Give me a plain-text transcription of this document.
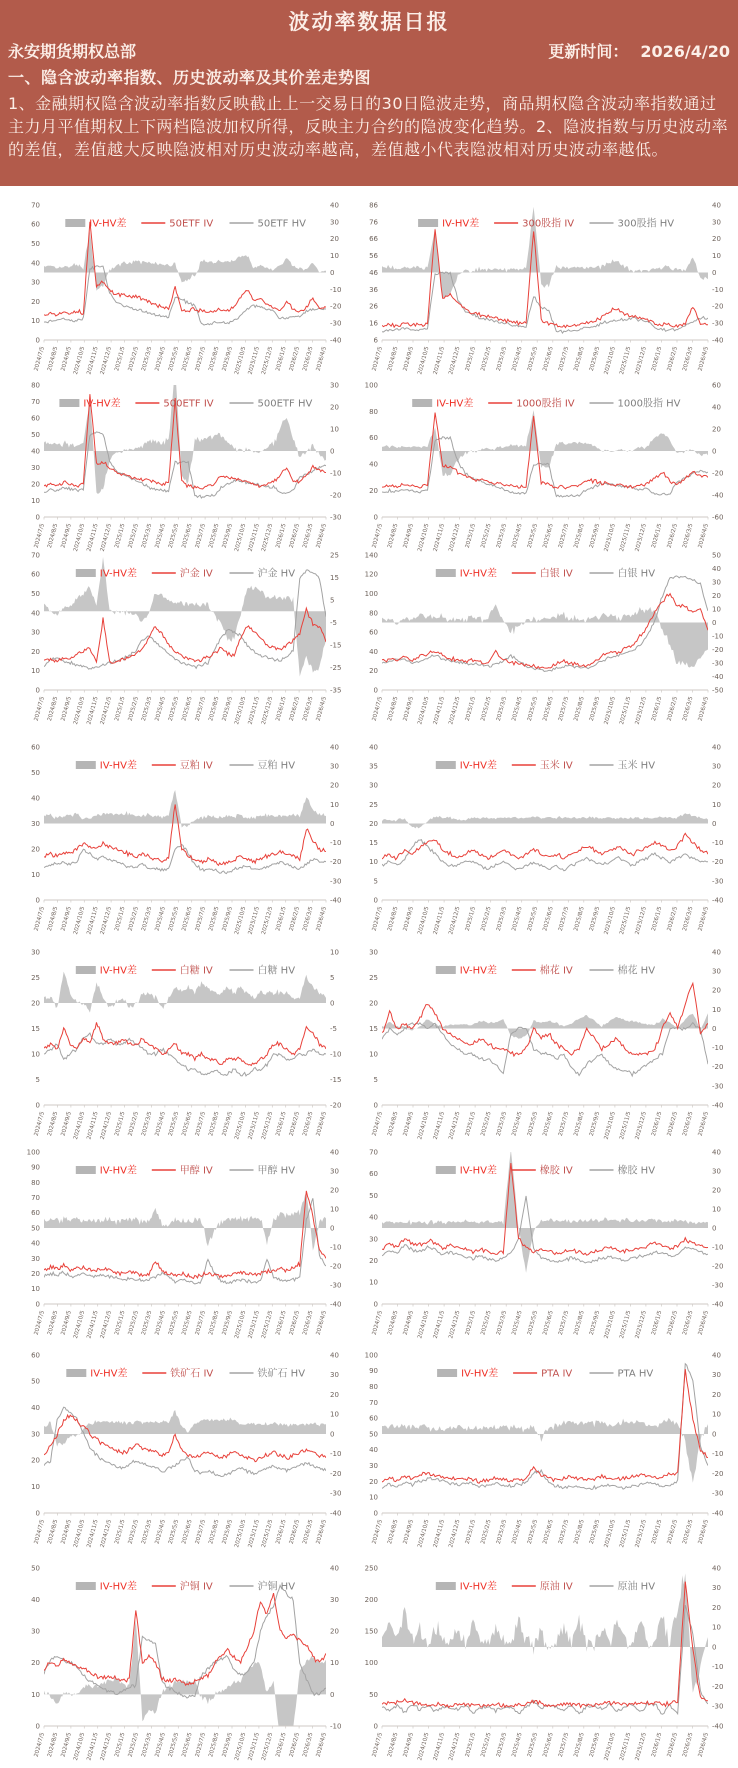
波动率数据日报
永安期货期权总部	更新时间： 2026/4/20
一、隐含波动率指数、历史波动率及其价差走势图
1、金融期权隐含波动率指数反映截止上一交易日的30日隐波走势，商品期权隐含波动率指数通过主力月平值期权上下两档隐波加权所得，反映主力合约的隐波变化趋势。2、隐波指数与历史波动率的差值，差值越大反映隐波相对历史波动率越高，差值越小代表隐波相对历史波动率越低。
70
60
50
40
30
20
10
0
40
30
20
10
0
-10
-20
-30
-40
2024/7/5 2024/8/5 2024/9/5 2024/10/5 2024/11/5 2024/12/5 2025/1/5 2025/2/5 2025/3/5 2025/4/5 2025/5/5 2025/6/5 2025/7/5 2025/8/5 2025/9/5 2025/10/5 2025/11/5 2025/12/5 2026/1/5 2026/2/5 2026/3/5 2026/4/5
IV-HV差	50ETF IV	50ETF HV
86
76
66
56
46
36
26
16
6
40
30
20
10
0
-10
-20
-30
-40
2024/7/5 2024/8/5 2024/9/5 2024/10/5 2024/11/5 2024/12/5 2025/1/5 2025/2/5 2025/3/5 2025/4/5 2025/5/5 2025/6/5 2025/7/5 2025/8/5 2025/9/5 2025/10/5 2025/11/5 2025/12/5 2026/1/5 2026/2/5 2026/3/5 2026/4/5
IV-HV差	300股指 IV	300股指 HV
80
70
60
50
40
30
20
10
0
30
20
10
0
-10
-20
-30
2024/7/5 2024/8/5 2024/9/5 2024/10/5 2024/11/5 2024/12/5 2025/1/5 2025/2/5 2025/3/5 2025/4/5 2025/5/5 2025/6/5 2025/7/5 2025/8/5 2025/9/5 2025/10/5 2025/11/5 2025/12/5 2026/1/5 2026/2/5 2026/3/5 2026/4/5
IV-HV差	500ETF IV	500ETF HV
100
80
60
40
20
0
60
40
20
0
-20
-40
-60
2024/7/5 2024/8/5 2024/9/5 2024/10/5 2024/11/5 2024/12/5 2025/1/5 2025/2/5 2025/3/5 2025/4/5 2025/5/5 2025/6/5 2025/7/5 2025/8/5 2025/9/5 2025/10/5 2025/11/5 2025/12/5 2026/1/5 2026/2/5 2026/3/5 2026/4/5
IV-HV差	1000股指 IV	1000股指 HV
70
60
50
40
30
20
10
0
25
15
5
-5
-15
-25
-35
2024/7/5 2024/8/5 2024/9/5 2024/10/5 2024/11/5 2024/12/5 2025/1/5 2025/2/5 2025/3/5 2025/4/5 2025/5/5 2025/6/5 2025/7/5 2025/8/5 2025/9/5 2025/10/5 2025/11/5 2025/12/5 2026/1/5 2026/2/5 2026/3/5 2026/4/5
IV-HV差	沪金 IV	沪金 HV
140
120
100
80
60
40
20
0
50
40
30
20
10
0
-10
-20
-30
-40
-50
2024/7/5 2024/8/5 2024/9/5 2024/10/5 2024/11/5 2024/12/5 2025/1/5 2025/2/5 2025/3/5 2025/4/5 2025/5/5 2025/6/5 2025/7/5 2025/8/5 2025/9/5 2025/10/5 2025/11/5 2025/12/5 2026/1/5 2026/2/5 2026/3/5 2026/4/5
IV-HV差	白银 IV	白银 HV
60
50
40
30
20
10
0
40
30
20
10
0
-10
-20
-30
-40
2024/7/5 2024/8/5 2024/9/5 2024/10/5 2024/11/5 2024/12/5 2025/1/5 2025/2/5 2025/3/5 2025/4/5 2025/5/5 2025/6/5 2025/7/5 2025/8/5 2025/9/5 2025/10/5 2025/11/5 2025/12/5 2026/1/5 2026/2/5 2026/3/5 2026/4/5
IV-HV差	豆粕 IV	豆粕 HV
40
35
30
25
20
15
10
5
0
40
30
20
10
0
-10
-20
-30
-40
2024/7/5 2024/8/5 2024/9/5 2024/10/5 2024/11/5 2024/12/5 2025/1/5 2025/2/5 2025/3/5 2025/4/5 2025/5/5 2025/6/5 2025/7/5 2025/8/5 2025/9/5 2025/10/5 2025/11/5 2025/12/5 2026/1/5 2026/2/5 2026/3/5 2026/4/5
IV-HV差	玉米 IV	玉米 HV
30
25
20
15
10
5
0
10
5
0
-5
-10
-15
-20
2024/7/5 2024/8/5 2024/9/5 2024/10/5 2024/11/5 2024/12/5 2025/1/5 2025/2/5 2025/3/5 2025/4/5 2025/5/5 2025/6/5 2025/7/5 2025/8/5 2025/9/5 2025/10/5 2025/11/5 2025/12/5 2026/1/5 2026/2/5 2026/3/5 2026/4/5
IV-HV差	白糖 IV	白糖 HV
30
25
20
15
10
5
0
40
30
20
10
0
-10
-20
-30
-40
2024/7/5 2024/8/5 2024/9/5 2024/10/5 2024/11/5 2024/12/5 2025/1/5 2025/2/5 2025/3/5 2025/4/5 2025/5/5 2025/6/5 2025/7/5 2025/8/5 2025/9/5 2025/10/5 2025/11/5 2025/12/5 2026/1/5 2026/2/5 2026/3/5 2026/4/5
IV-HV差	棉花 IV	棉花 HV
100
90
80
70
60
50
40
30
20
10
0
40
30
20
10
0
-10
-20
-30
-40
2024/7/5 2024/8/5 2024/9/5 2024/10/5 2024/11/5 2024/12/5 2025/1/5 2025/2/5 2025/3/5 2025/4/5 2025/5/5 2025/6/5 2025/7/5 2025/8/5 2025/9/5 2025/10/5 2025/11/5 2025/12/5 2026/1/5 2026/2/5 2026/3/5 2026/4/5
IV-HV差	甲醇 IV	甲醇 HV
70
60
50
40
30
20
10
0
40
30
20
10
0
-10
-20
-30
-40
2024/7/5 2024/8/5 2024/9/5 2024/10/5 2024/11/5 2024/12/5 2025/1/5 2025/2/5 2025/3/5 2025/4/5 2025/5/5 2025/6/5 2025/7/5 2025/8/5 2025/9/5 2025/10/5 2025/11/5 2025/12/5 2026/1/5 2026/2/5 2026/3/5 2026/4/5
IV-HV差	橡胶 IV	橡胶 HV
60
50
40
30
20
10
0
40
30
20
10
0
-10
-20
-30
-40
2024/7/5 2024/8/5 2024/9/5 2024/10/5 2024/11/5 2024/12/5 2025/1/5 2025/2/5 2025/3/5 2025/4/5 2025/5/5 2025/6/5 2025/7/5 2025/8/5 2025/9/5 2025/10/5 2025/11/5 2025/12/5 2026/1/5 2026/2/5 2026/3/5 2026/4/5
IV-HV差	铁矿石 IV	铁矿石 HV
100
90
80
70
60
50
40
30
20
10
0
40
30
20
10
0
-10
-20
-30
-40
2024/7/5 2024/8/5 2024/9/5 2024/10/5 2024/11/5 2024/12/5 2025/1/5 2025/2/5 2025/3/5 2025/4/5 2025/5/5 2025/6/5 2025/7/5 2025/8/5 2025/9/5 2025/10/5 2025/11/5 2025/12/5 2026/1/5 2026/2/5 2026/3/5 2026/4/5
IV-HV差	PTA IV	PTA HV
50
40
30
20
10
0
40
30
20
10
0
-10
2024/7/5 2024/8/5 2024/9/5 2024/10/5 2024/11/5 2024/12/5 2025/1/5 2025/2/5 2025/3/5 2025/4/5 2025/5/5 2025/6/5 2025/7/5 2025/8/5 2025/9/5 2025/10/5 2025/11/5 2025/12/5 2026/1/5 2026/2/5 2026/3/5 2026/4/5
IV-HV差	沪铜 IV	沪铜 HV
250
200
150
100
50
0
40
30
20
10
0
-10
-20
-30
-40
2024/7/5 2024/8/5 2024/9/5 2024/10/5 2024/11/5 2024/12/5 2025/1/5 2025/2/5 2025/3/5 2025/4/5 2025/5/5 2025/6/5 2025/7/5 2025/8/5 2025/9/5 2025/10/5 2025/11/5 2025/12/5 2026/1/5 2026/2/5 2026/3/5 2026/4/5
IV-HV差	原油 IV	原油 HV
